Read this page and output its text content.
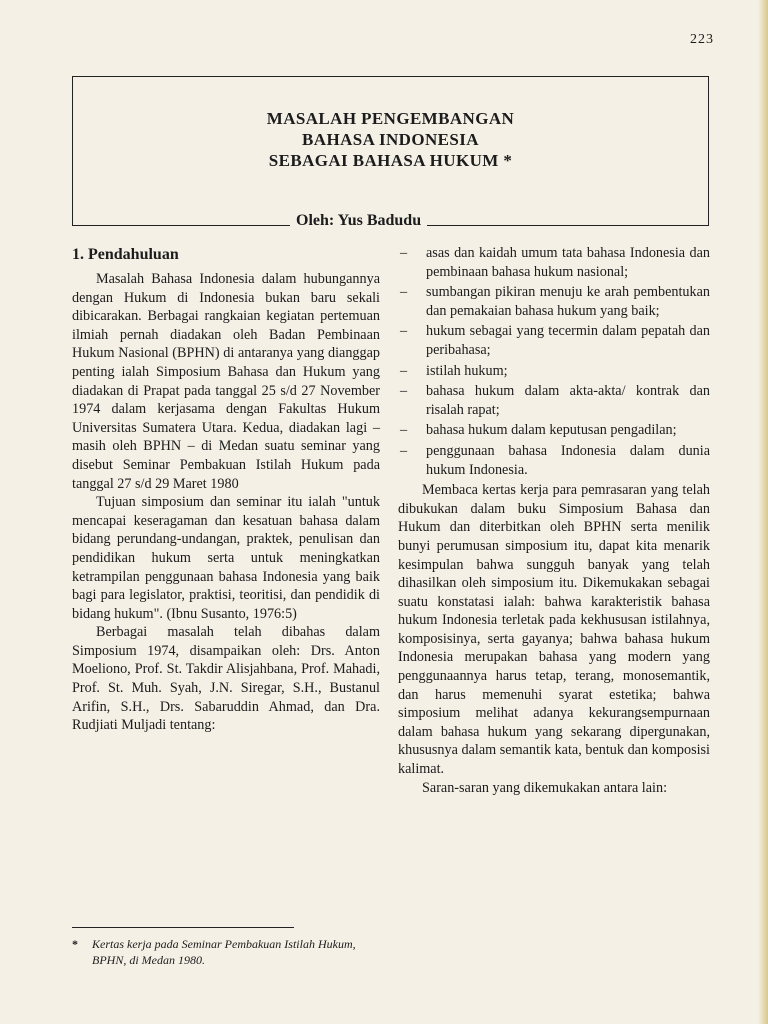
223
MASALAH PENGEMBANGAN
BAHASA INDONESIA
SEBAGAI BAHASA HUKUM *
Oleh: Yus Badudu
1. Pendahuluan

Masalah Bahasa Indonesia dalam hubungannya dengan Hukum di Indonesia bukan baru sekali dibicarakan. Berbagai rangkaian kegiatan pertemuan ilmiah pernah diadakan oleh Badan Pembinaan Hukum Nasional (BPHN) di antaranya yang dianggap penting ialah Simposium Bahasa dan Hukum yang diadakan di Prapat pada tanggal 25 s/d 27 November 1974 dalam kerjasama dengan Fakultas Hukum Universitas Sumatera Utara. Kedua, diadakan lagi – masih oleh BPHN – di Medan suatu seminar yang disebut Seminar Pembakuan Istilah Hukum pada tanggal 27 s/d 29 Maret 1980

Tujuan simposium dan seminar itu ialah "untuk mencapai keseragaman dan kesatuan bahasa dalam bidang perundang-undangan, praktek, penulisan dan pendidikan hukum serta untuk meningkatkan ketrampilan penggunaan bahasa Indonesia yang baik bagi para legislator, praktisi, teoritisi, dan pendidik di bidang hukum". (Ibnu Susanto, 1976:5)

Berbagai masalah telah dibahas dalam Simposium 1974, disampaikan oleh: Drs. Anton Moeliono, Prof. St. Takdir Alisjahbana, Prof. Mahadi, Prof. St. Muh. Syah, J.N. Siregar, S.H., Bustanul Arifin, S.H., Drs. Sabaruddin Ahmad, dan Dra. Rudjiati Muljadi tentang:

– asas dan kaidah umum tata bahasa Indonesia dan pembinaan bahasa hukum nasional;
– sumbangan pikiran menuju ke arah pembentukan dan pemakaian bahasa hukum yang baik;
– hukum sebagai yang tecermin dalam pepatah dan peribahasa;
– istilah hukum;
– bahasa hukum dalam akta-akta/ kontrak dan risalah rapat;
– bahasa hukum dalam keputusan pengadilan;
– penggunaan bahasa Indonesia dalam dunia hukum Indonesia.

Membaca kertas kerja para pemrasaran yang telah dibukukan dalam buku Simposium Bahasa dan Hukum dan diterbitkan oleh BPHN serta menilik bunyi perumusan simposium itu, dapat kita menarik kesimpulan bahwa sungguh banyak yang telah dihasilkan oleh simposium itu. Dikemukakan sebagai suatu konstatasi ialah: bahwa karakteristik bahasa hukum Indonesia terletak pada kekhususan istilahnya, komposisinya, serta gayanya; bahwa bahasa hukum Indonesia merupakan bahasa yang modern yang penggunaannya harus tetap, terang, monosemantik, dan harus memenuhi syarat estetika; bahwa simposium melihat adanya kekurangsempurnaan dalam bahasa hukum yang sekarang dipergunakan, khususnya dalam semantik kata, bentuk dan komposisi kalimat.

Saran-saran yang dikemukakan antara lain:

* Kertas kerja pada Seminar Pembakuan Istilah Hukum, BPHN, di Medan 1980.
